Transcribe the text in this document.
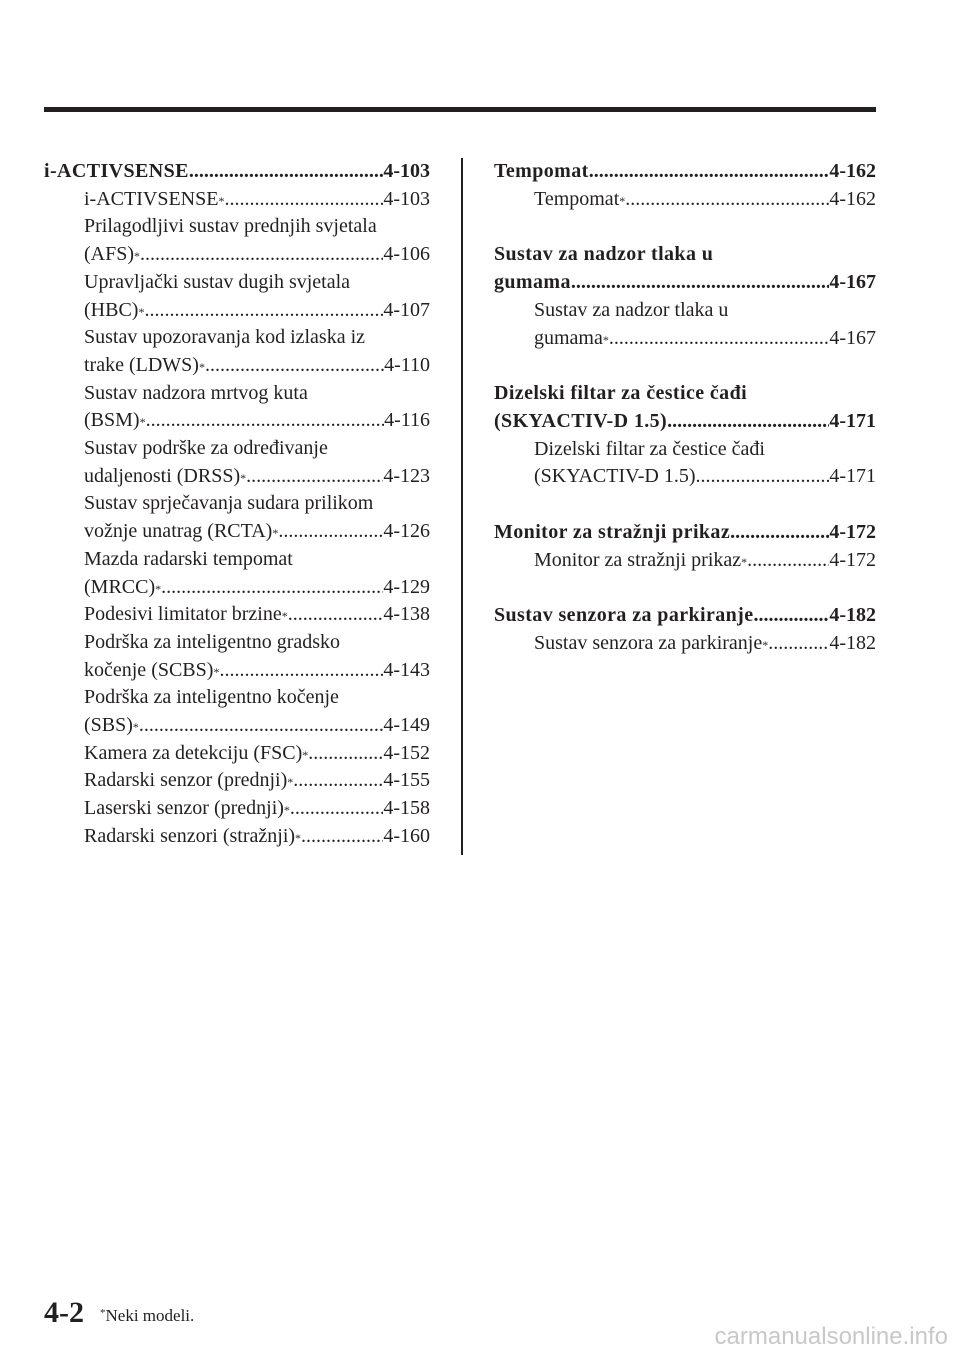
i-ACTIVSENSE .....	4-103
i-ACTIVSENSE * .....	4-103
Prilagodljivi sustav prednjih svjetala
(AFS) * .....	4-106
Upravljački sustav dugih svjetala
(HBC) * .....	4-107
Sustav upozoravanja kod izlaska iz
trake (LDWS) * .....	4-110
Sustav nadzora mrtvog kuta
(BSM) * .....	4-116
Sustav podrške za određivanje
udaljenosti (DRSS) * .....	4-123
Sustav sprječavanja sudara prilikom
vožnje unatrag (RCTA) * .....	4-126
Mazda radarski tempomat
(MRCC) * .....	4-129
Podesivi limitator brzine * .....	4-138
Podrška za inteligentno gradsko
kočenje (SCBS) * .....	4-143
Podrška za inteligentno kočenje
(SBS) * .....	4-149
Kamera za detekciju (FSC) * .....	4-152
Radarski senzor (prednji) * .....	4-155
Laserski senzor (prednji) * .....	4-158
Radarski senzori (stražnji) * .....	4-160
Tempomat .....	4-162
Tempomat * .....	4-162
Sustav za nadzor tlaka u
gumama .....	4-167
Sustav za nadzor tlaka u
gumama * .....	4-167
Dizelski filtar za čestice čađi
(SKYACTIV-D 1.5) .....	4-171
Dizelski filtar za čestice čađi
(SKYACTIV-D 1.5) .....	4-171
Monitor za stražnji prikaz .....	4-172
Monitor za stražnji prikaz * .....	4-172
Sustav senzora za parkiranje .....	4-182
Sustav senzora za parkiranje * .....	4-182
4-2 *Neki modeli.
carmanualsonline.info
